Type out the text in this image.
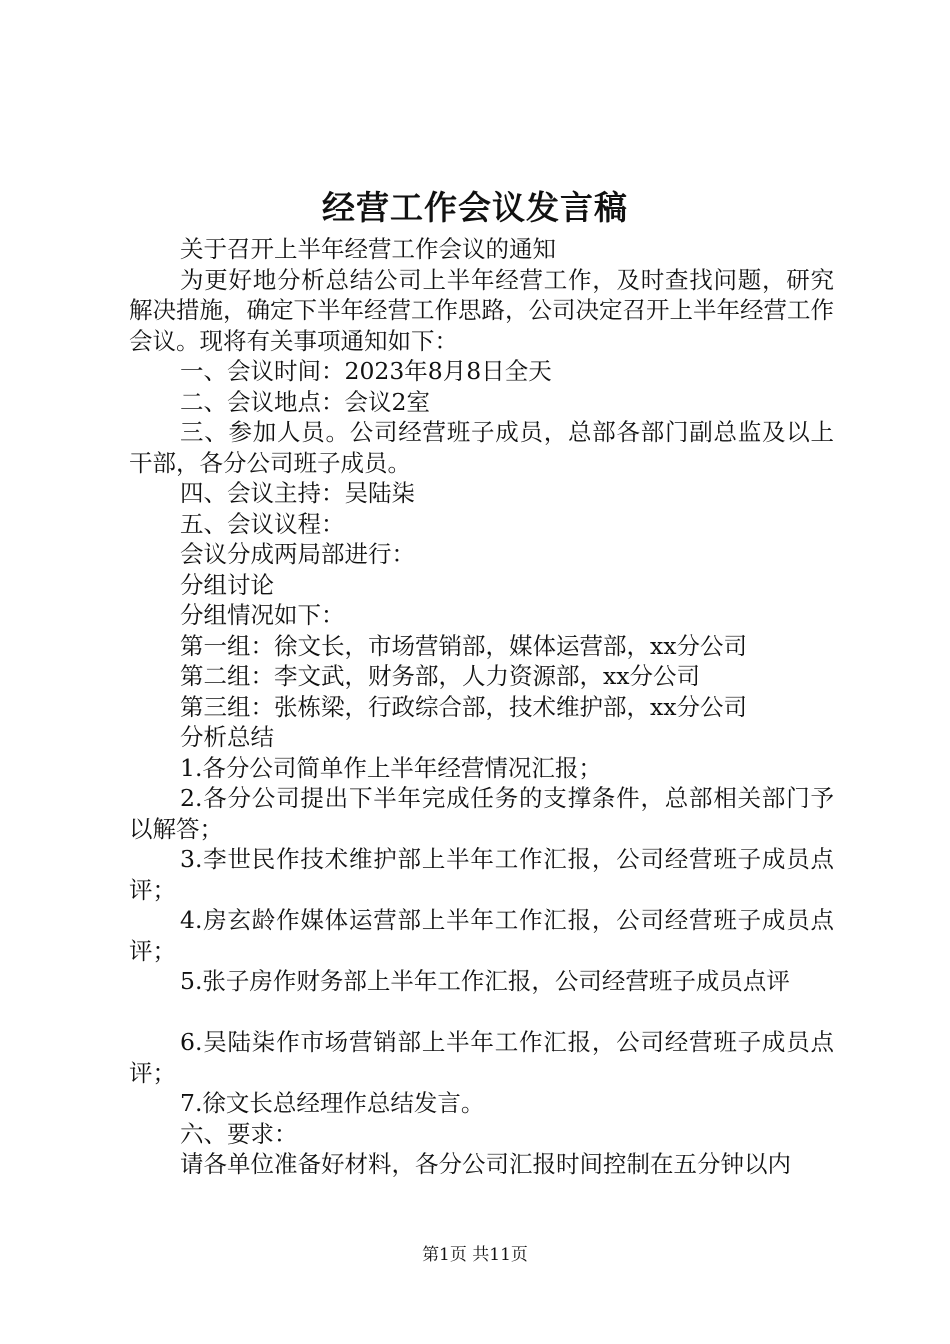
经营工作会议发言稿

关于召开上半年经营工作会议的通知

为更好地分析总结公司上半年经营工作，及时查找问题，研究解决措施，确定下半年经营工作思路，公司决定召开上半年经营工作会议。现将有关事项通知如下：

一、会议时间：2023年8月8日全天

二、会议地点：会议2室

三、参加人员。公司经营班子成员，总部各部门副总监及以上干部，各分公司班子成员。

四、会议主持：吴陆柒

五、会议议程：

会议分成两局部进行：

分组讨论

分组情况如下：

第一组：徐文长，市场营销部，媒体运营部，xx分公司

第二组：李文武，财务部，人力资源部，xx分公司

第三组：张栋梁，行政综合部，技术维护部，xx分公司

分析总结

1.各分公司简单作上半年经营情况汇报；

2.各分公司提出下半年完成任务的支撑条件，总部相关部门予以解答；

3.李世民作技术维护部上半年工作汇报，公司经营班子成员点评；

4.房玄龄作媒体运营部上半年工作汇报，公司经营班子成员点评；

5.张子房作财务部上半年工作汇报，公司经营班子成员点评

6.吴陆柒作市场营销部上半年工作汇报，公司经营班子成员点评；

7.徐文长总经理作总结发言。

六、要求：

请各单位准备好材料，各分公司汇报时间控制在五分钟以内

第1页 共11页
